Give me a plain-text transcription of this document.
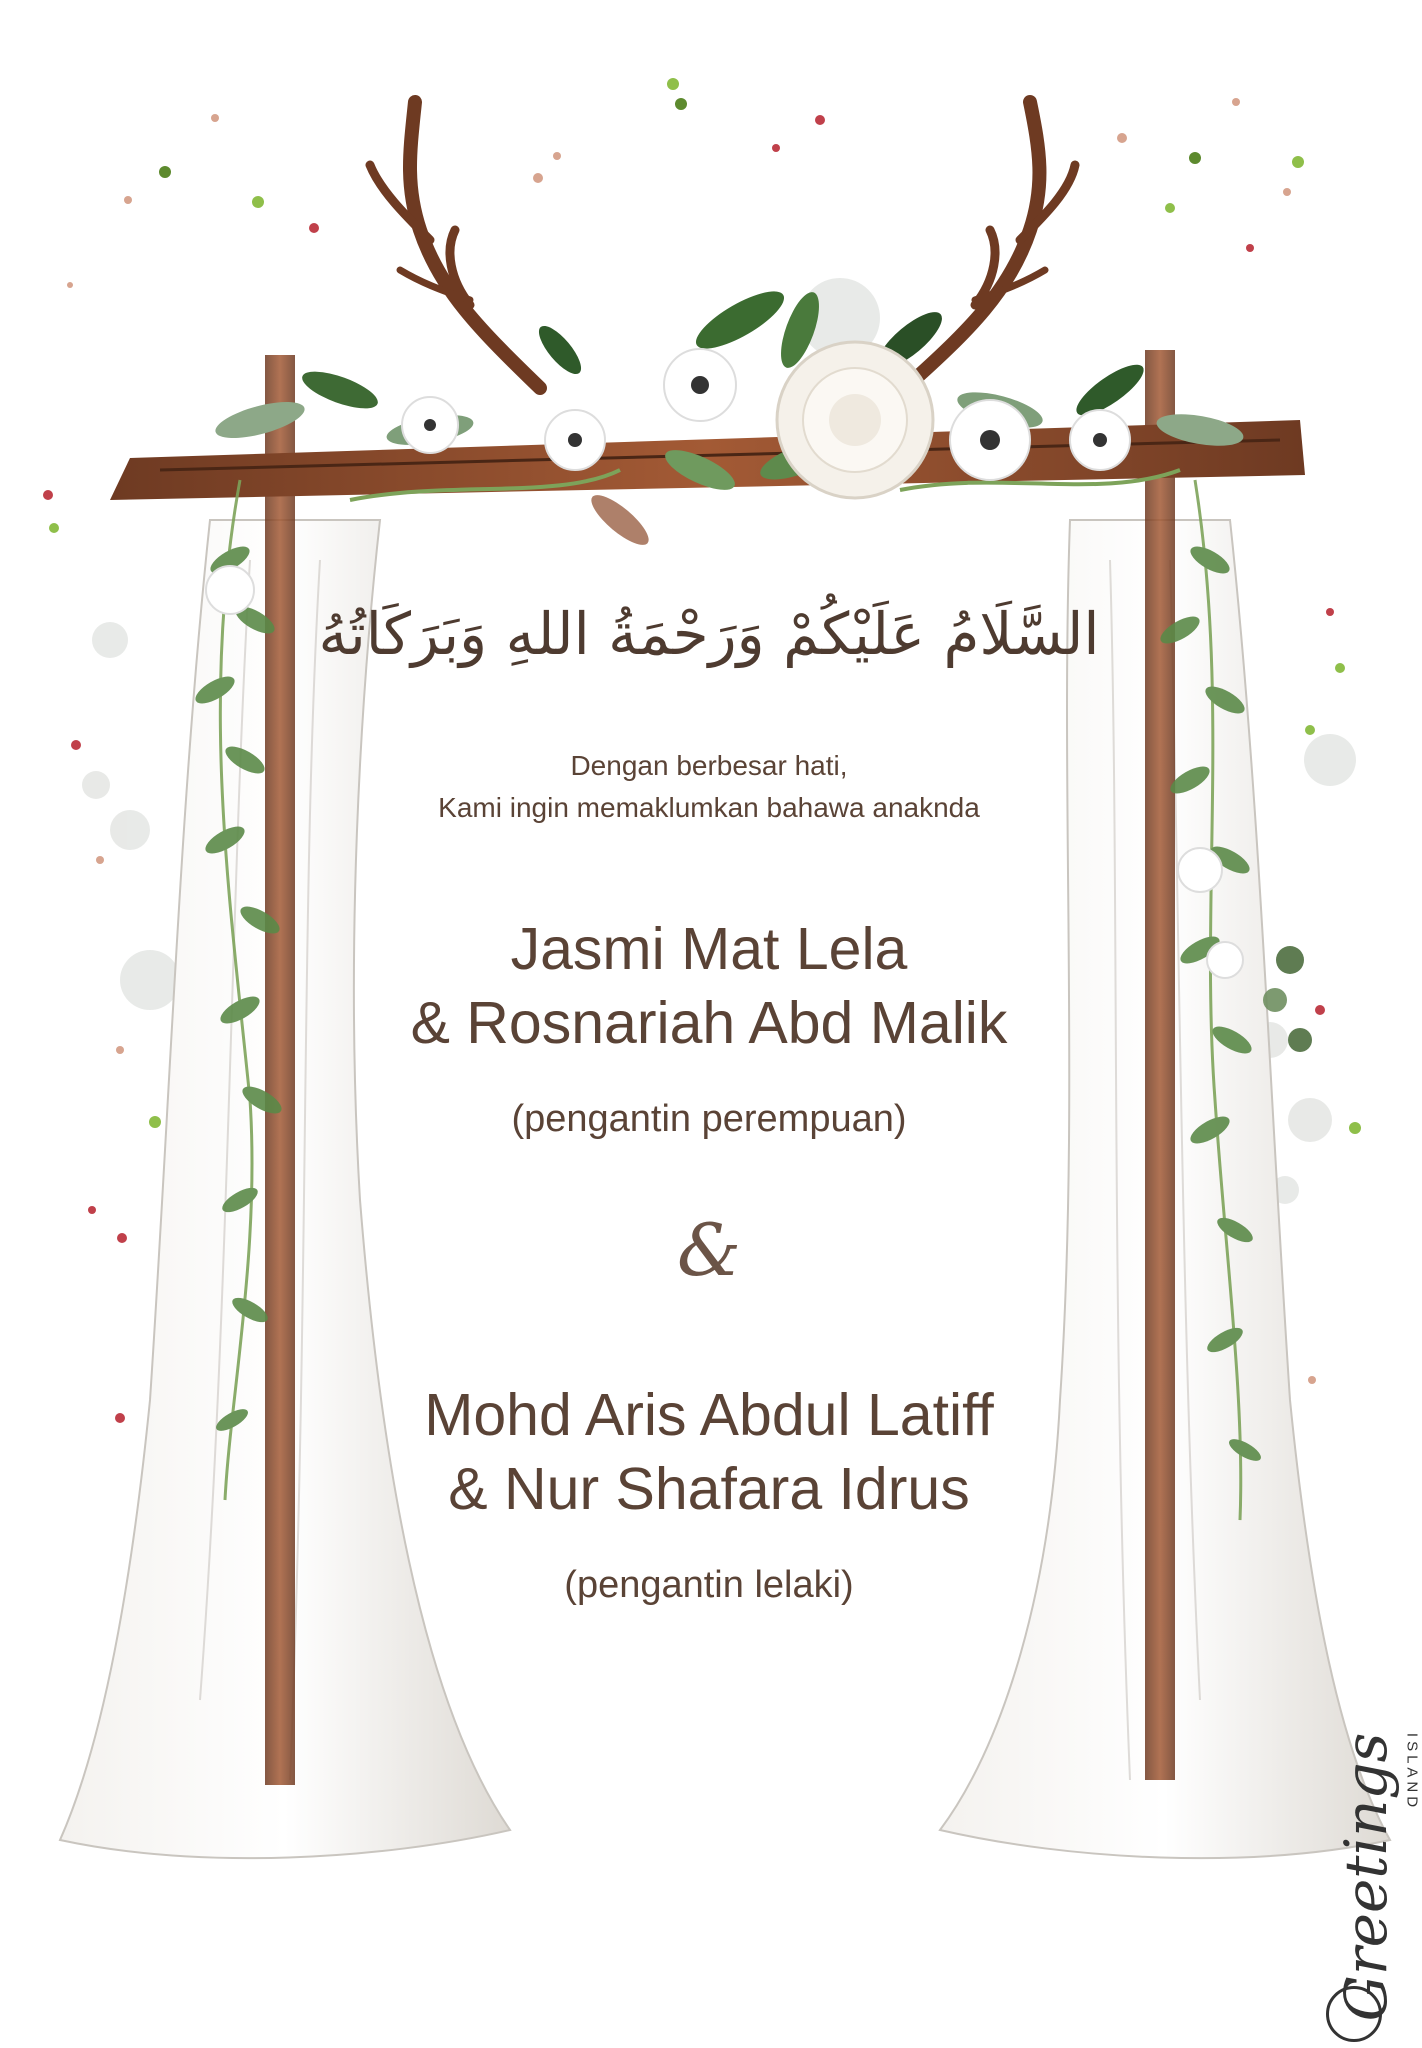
السَّلَامُ عَلَيْكُمْ وَرَحْمَةُ اللهِ وَبَرَكَاتُهُ
Dengan berbesar hati,
Kami ingin memaklumkan bahawa anaknda
Jasmi Mat Lela
& Rosnariah Abd Malik
(pengantin perempuan)
&
Mohd Aris Abdul Latiff
& Nur Shafara Idrus
(pengantin lelaki)
Greetings ISLAND
